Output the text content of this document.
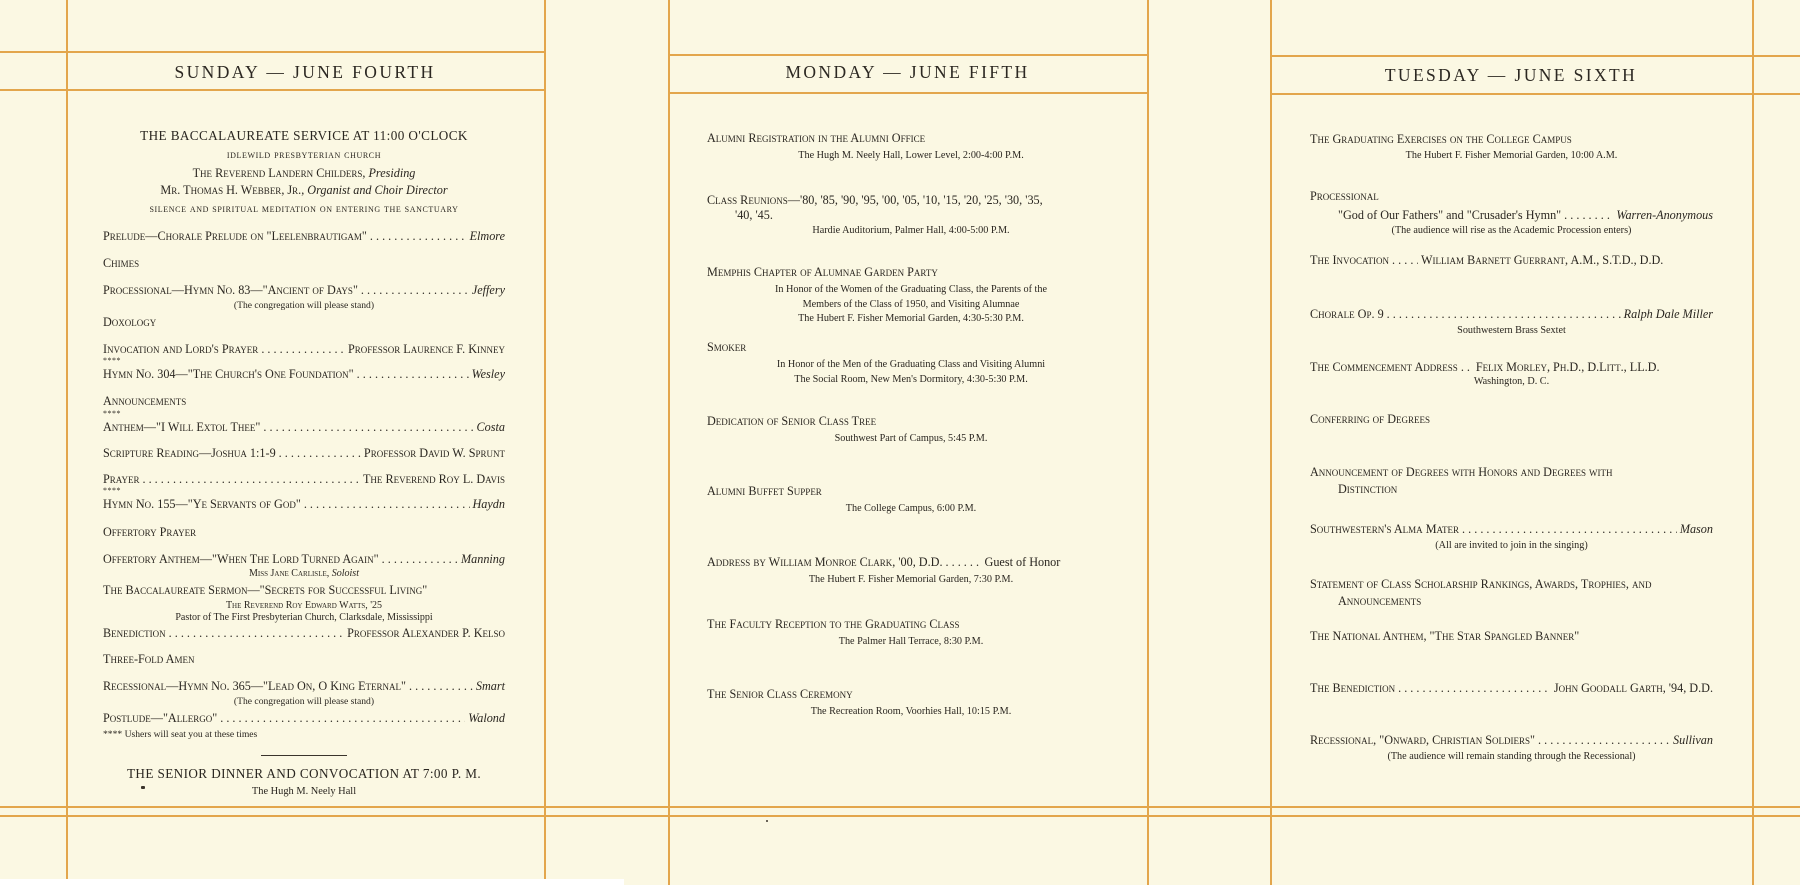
SUNDAY — JUNE FOURTH	MONDAY — JUNE FIFTH	TUESDAY — JUNE SIXTH
THE BACCALAUREATE SERVICE AT 11:00 O'CLOCK
idlewild presbyterian church
The Reverend Landern Childers, Presiding
Mr. Thomas H. Webber, Jr., Organist and Choir Director
silence and spiritual meditation on entering the sanctuary
Prelude—Chorale Prelude on "Leelenbrautigam" . . .	Elmore
Chimes
Processional—Hymn No. 83—"Ancient of Days" . . .	Jeffery
(The congregation will please stand)
Doxology
Invocation and Lord's Prayer . . .	Professor Laurence F. Kinney
****
Hymn No. 304—"The Church's One Foundation" . . .	Wesley
Announcements
****
Anthem—"I Will Extol Thee" . . .	Costa
Scripture Reading—Joshua 1:1-9 . . .	Professor David W. Sprunt
Prayer . . .	The Reverend Roy L. Davis
****
Hymn No. 155—"Ye Servants of God" . . .	Haydn
Offertory Prayer
Offertory Anthem—"When The Lord Turned Again" . . .	Manning
Miss Jane Carlisle, Soloist
The Baccalaureate Sermon—"Secrets for Successful Living"
The Reverend Roy Edward Watts, '25
Pastor of The First Presbyterian Church, Clarksdale, Mississippi
Benediction . . .	Professor Alexander P. Kelso
Three-Fold Amen
Recessional—Hymn No. 365—"Lead On, O King Eternal" . . .	Smart
(The congregation will please stand)
Postlude—"Allergo" . . .	Walond
**** Ushers will seat you at these times
THE SENIOR DINNER AND CONVOCATION AT 7:00 P. M.
The Hugh M. Neely Hall
Alumni Registration in the Alumni Office
The Hugh M. Neely Hall, Lower Level, 2:00-4:00 P.M.
Class Reunions—'80, '85, '90, '95, '00, '05, '10, '15, '20, '25, '30, '35,
'40, '45.
Hardie Auditorium, Palmer Hall, 4:00-5:00 P.M.
Memphis Chapter of Alumnae Garden Party
In Honor of the Women of the Graduating Class, the Parents of the
Members of the Class of 1950, and Visiting Alumnae
The Hubert F. Fisher Memorial Garden, 4:30-5:30 P.M.
Smoker
In Honor of the Men of the Graduating Class and Visiting Alumni
The Social Room, New Men's Dormitory, 4:30-5:30 P.M.
Dedication of Senior Class Tree
Southwest Part of Campus, 5:45 P.M.
Alumni Buffet Supper
The College Campus, 6:00 P.M.
Address by William Monroe Clark, '00, D.D. . . .	Guest of Honor
The Hubert F. Fisher Memorial Garden, 7:30 P.M.
The Faculty Reception to the Graduating Class
The Palmer Hall Terrace, 8:30 P.M.
The Senior Class Ceremony
The Recreation Room, Voorhies Hall, 10:15 P.M.
The Graduating Exercises on the College Campus
The Hubert F. Fisher Memorial Garden, 10:00 A.M.
Processional
"God of Our Fathers" and "Crusader's Hymn" . . .	Warren-Anonymous
(The audience will rise as the Academic Procession enters)
The Invocation . . .	William Barnett Guerrant, A.M., S.T.D., D.D.
Chorale Op. 9 . . .	Ralph Dale Miller
Southwestern Brass Sextet
The Commencement Address . . . Felix Morley, Ph.D., D.Litt., LL.D.
Washington, D. C.
Conferring of Degrees
Announcement of Degrees with Honors and Degrees with
Distinction
Southwestern's Alma Mater . . .	Mason
(All are invited to join in the singing)
Statement of Class Scholarship Rankings, Awards, Trophies, and
Announcements
The National Anthem, "The Star Spangled Banner"
The Benediction . . .	John Goodall Garth, '94, D.D.
Recessional, "Onward, Christian Soldiers" . . .	Sullivan
(The audience will remain standing through the Recessional)
